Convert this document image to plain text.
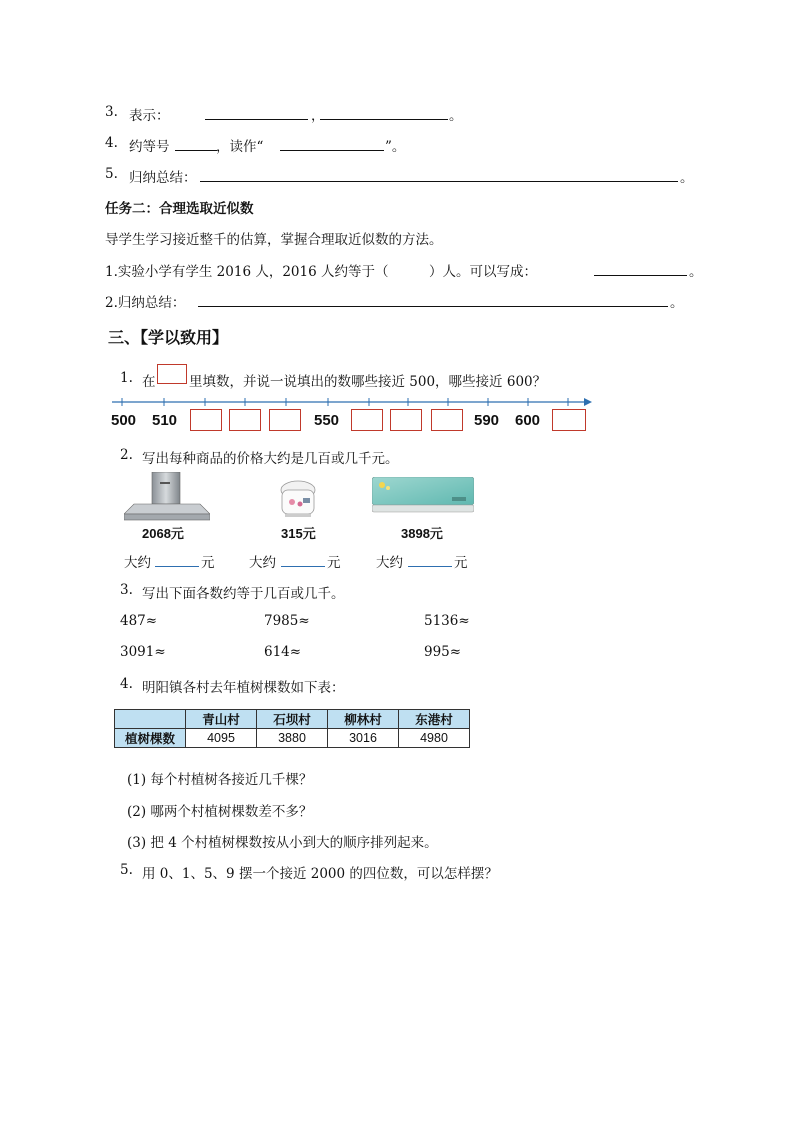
3. 表示：	，	。
4. 约等号	，读作“	”。
5. 归纳总结：	。
任务二：合理选取近似数
导学生学习接近整千的估算，掌握合理取近似数的方法。
1.实验小学有学生 2016 人，2016 人约等于（　　　）人。可以写成：	。
2.归纳总结：	。
三、【学以致用】
1. 在 里填数，并说一说填出的数哪些接近 500，哪些接近 600？
500 510	550	590 600
2. 写出每种商品的价格大约是几百或几千元。
2068元	315元	3898元
大约	元	大约	元	大约	元
3. 写出下面各数约等于几百或几千。
487≈	7985≈	5136≈
3091≈	614≈	995≈
4. 明阳镇各村去年植树棵数如下表：
	青山村	石坝村	柳林村	东港村
植树棵数	4095	3880	3016	4980
(1) 每个村植树各接近几千棵？
(2) 哪两个村植树棵数差不多？
(3) 把 4 个村植树棵数按从小到大的顺序排列起来。
5. 用 0、1、5、9 摆一个接近 2000 的四位数，可以怎样摆？
